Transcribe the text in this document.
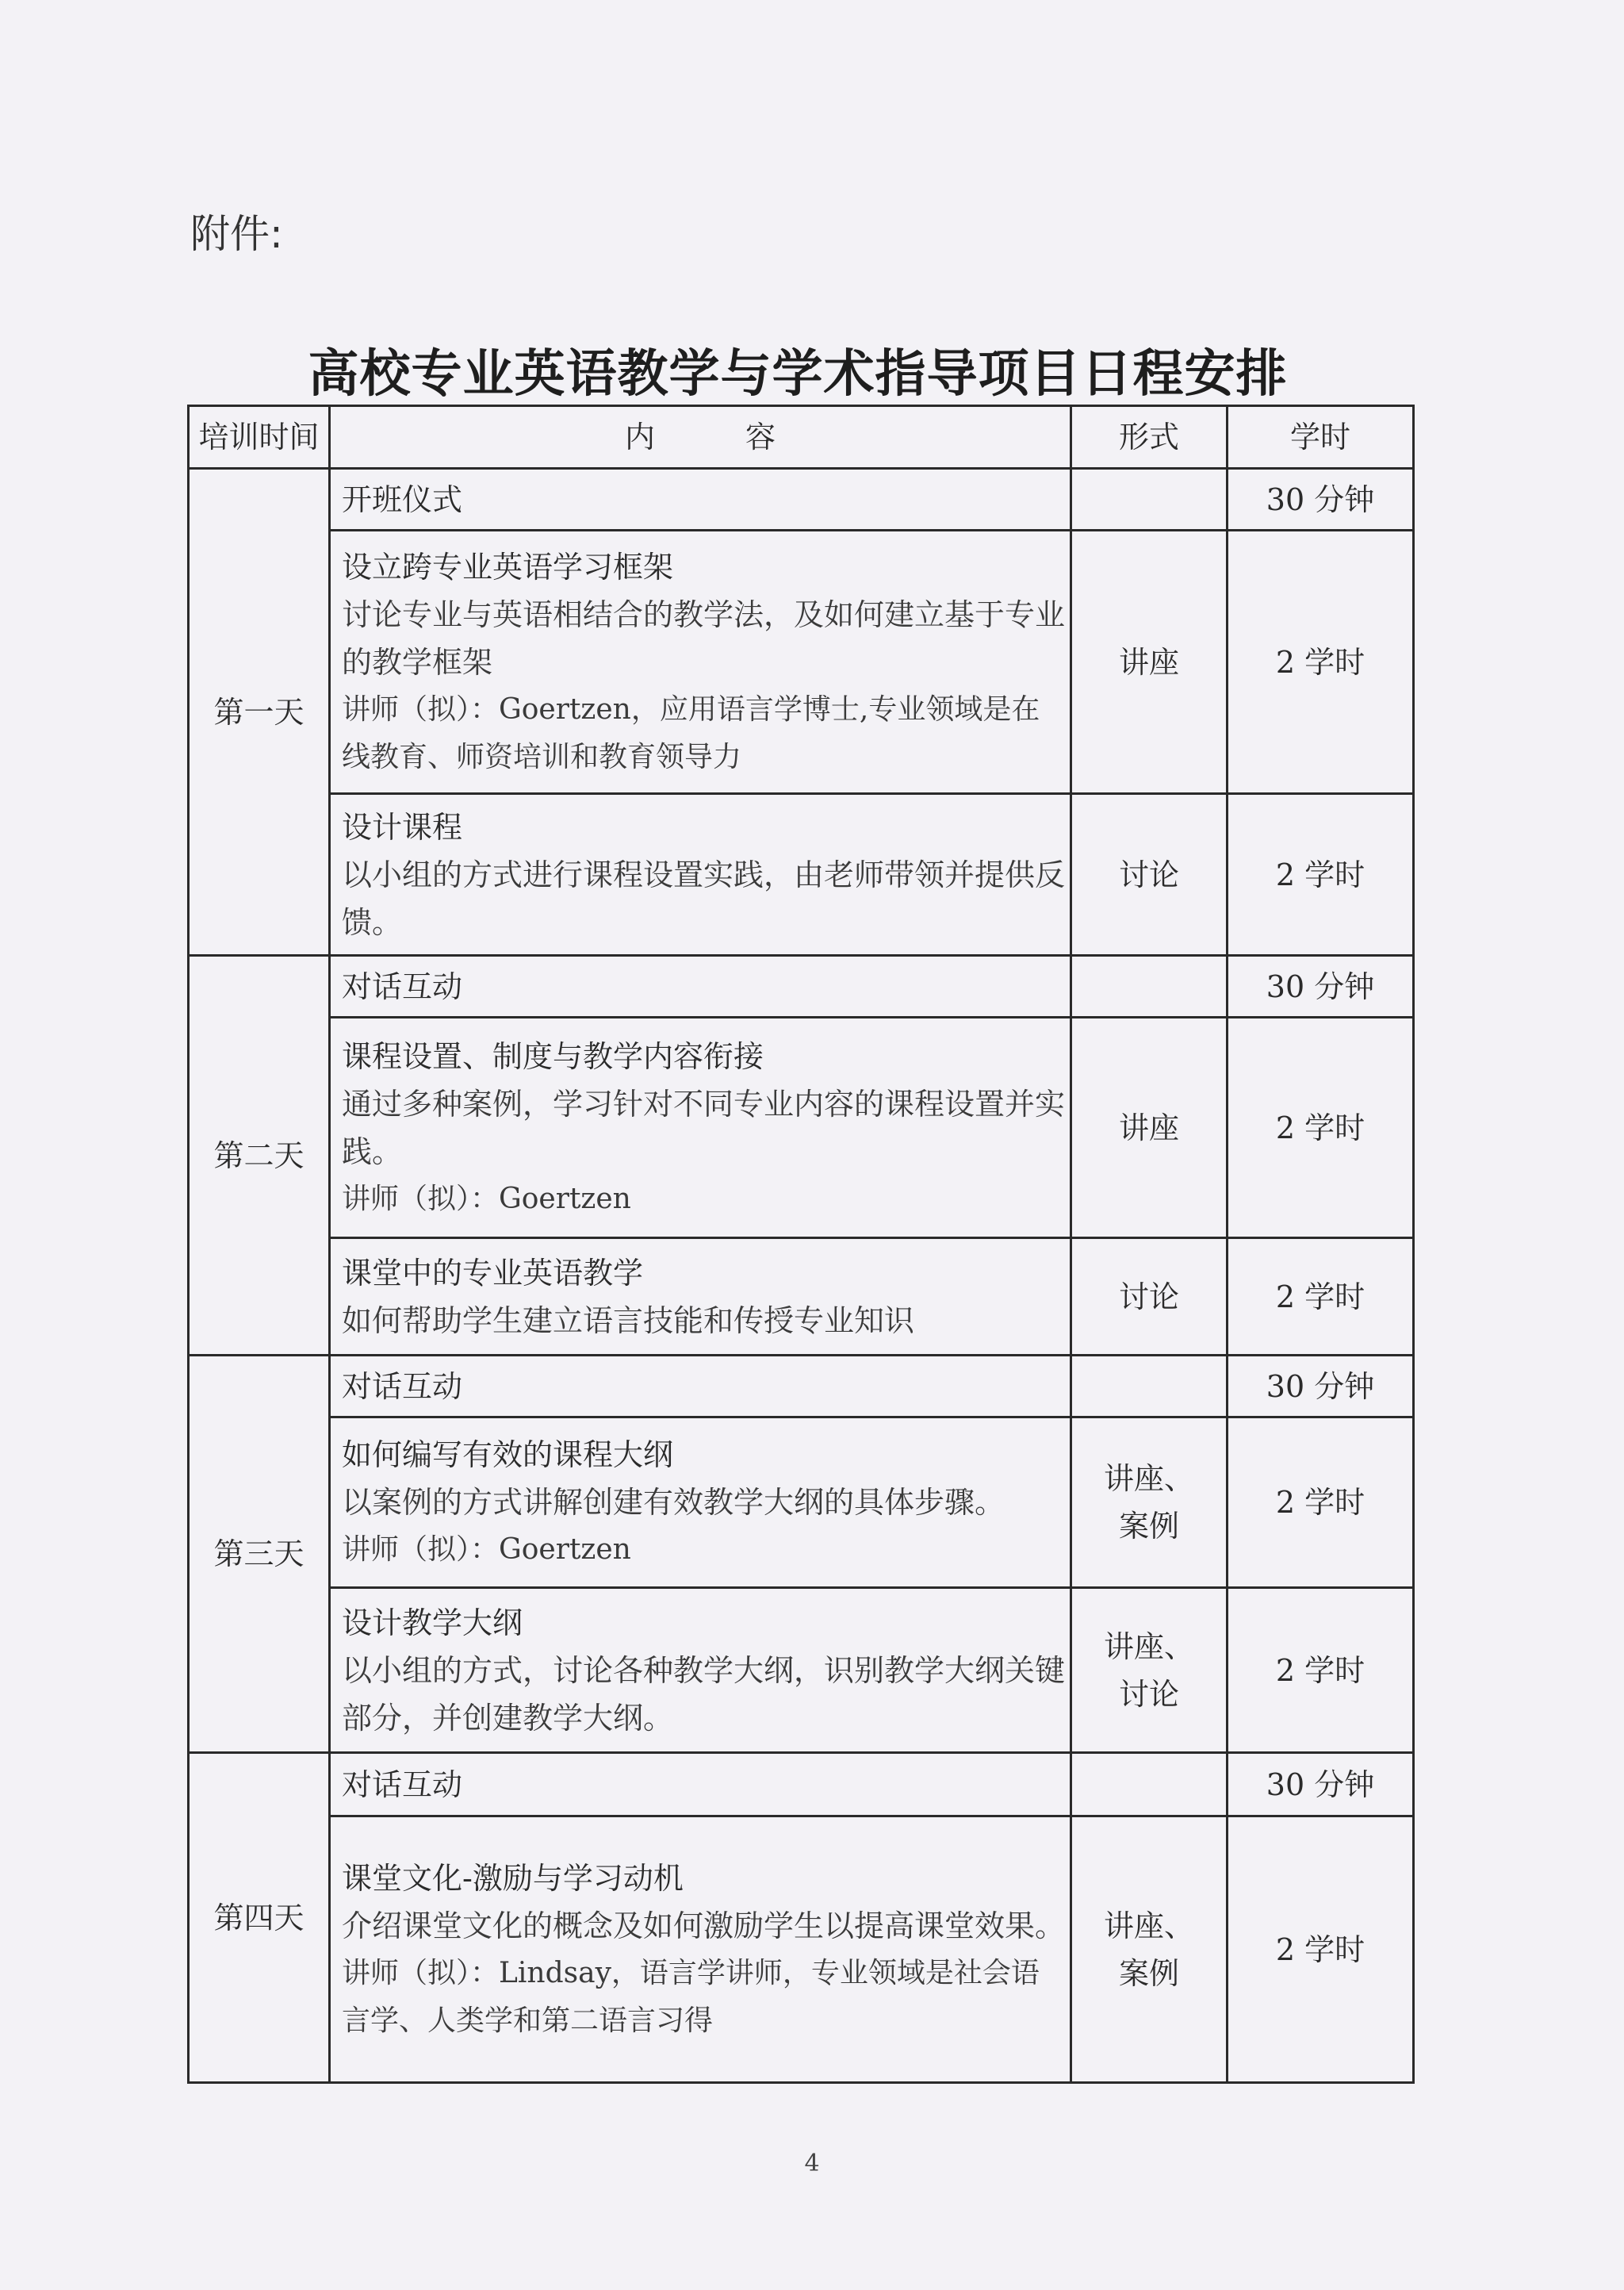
附件:
高校专业英语教学与学术指导项目日程安排
培训时间	内　　　容	形式	学时
第一天	开班仪式		30 分钟

	设立跨专业英语学习框架
讨论专业与英语相结合的教学法，及如何建立基于专业的教学框架
讲师（拟）：Goertzen，应用语言学博士,专业领域是在线教育、师资培训和教育领导力	讲座	2 学时

	设计课程
以小组的方式进行课程设置实践，由老师带领并提供反馈。	讨论	2 学时
第二天	对话互动		30 分钟

	课程设置、制度与教学内容衔接
通过多种案例，学习针对不同专业内容的课程设置并实践。
讲师（拟）：Goertzen	讲座	2 学时

	课堂中的专业英语教学
如何帮助学生建立语言技能和传授专业知识	讨论	2 学时
第三天	对话互动		30 分钟

	如何编写有效的课程大纲
以案例的方式讲解创建有效教学大纲的具体步骤。
讲师（拟）：Goertzen	讲座、案例	2 学时

	设计教学大纲
以小组的方式，讨论各种教学大纲，识别教学大纲关键部分，并创建教学大纲。	讲座、讨论	2 学时
第四天	对话互动		30 分钟

	课堂文化-激励与学习动机
介绍课堂文化的概念及如何激励学生以提高课堂效果。
讲师（拟）：Lindsay，语言学讲师，专业领域是社会语言学、人类学和第二语言习得	讲座、案例	2 学时
4
